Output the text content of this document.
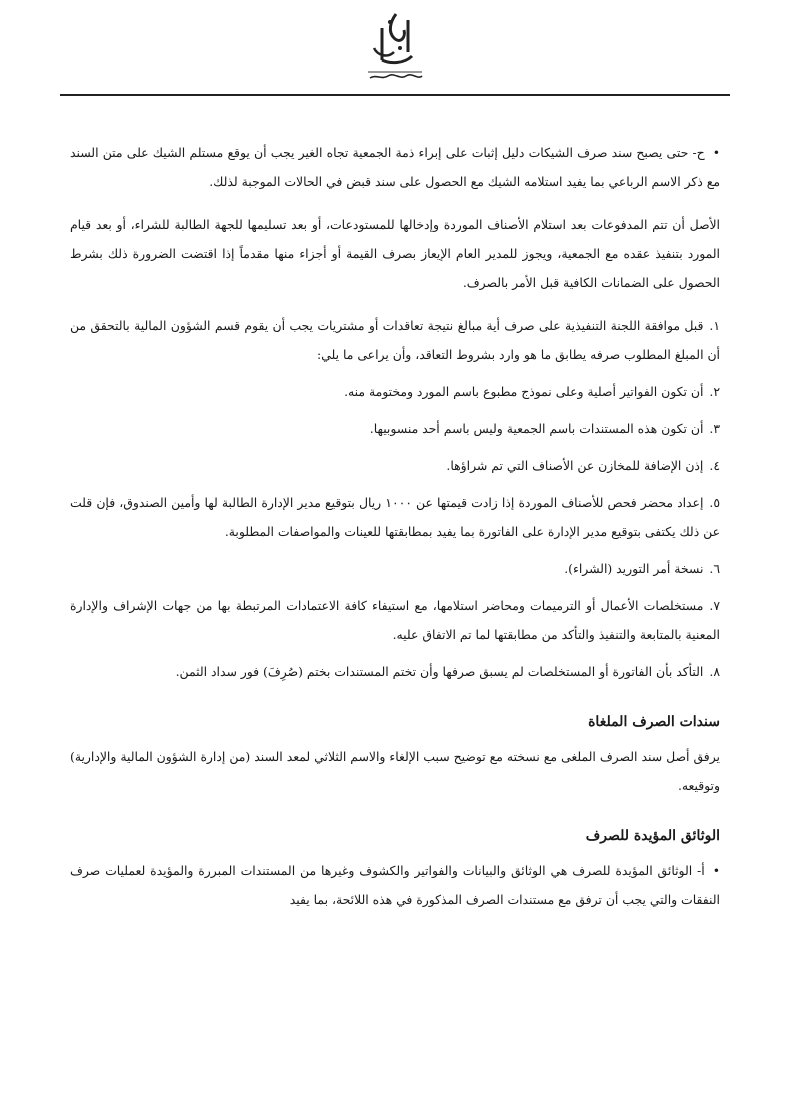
•ح- حتى يصبح سند صرف الشيكات دليل إثبات على إبراء ذمة الجمعية تجاه الغير يجب أن يوقع مستلم الشيك على متن السند مع ذكر الاسم الرباعي بما يفيد استلامه الشيك مع الحصول على سند قبض في الحالات الموجبة لذلك.

الأصل أن تتم المدفوعات بعد استلام الأصناف الموردة وإدخالها للمستودعات، أو بعد تسليمها للجهة الطالبة للشراء، أو بعد قيام المورد بتنفيذ عقده مع الجمعية، ويجوز للمدير العام الإيعاز بصرف القيمة أو أجزاء منها مقدماً إذا اقتضت الضرورة ذلك بشرط الحصول على الضمانات الكافية قبل الأمر بالصرف.

١.قبل موافقة اللجنة التنفيذية على صرف أية مبالغ نتيجة تعاقدات أو مشتريات يجب أن يقوم قسم الشؤون المالية بالتحقق من أن المبلغ المطلوب صرفه يطابق ما هو وارد بشروط التعاقد، وأن يراعى ما يلي:
٢.أن تكون الفواتير أصلية وعلى نموذج مطبوع باسم المورد ومختومة منه.
٣.أن تكون هذه المستندات باسم الجمعية وليس باسم أحد منسوبيها.
٤.إذن الإضافة للمخازن عن الأصناف التي تم شراؤها.
٥.إعداد محضر فحص للأصناف الموردة إذا زادت قيمتها عن ١٠٠٠ ريال بتوقيع مدير الإدارة الطالبة لها وأمين الصندوق، فإن قلت عن ذلك يكتفى بتوقيع مدير الإدارة على الفاتورة بما يفيد بمطابقتها للعينات والمواصفات المطلوبة.
٦.نسخة أمر التوريد (الشراء).
٧.مستخلصات الأعمال أو الترميمات ومحاضر استلامها، مع استيفاء كافة الاعتمادات المرتبطة بها من جهات الإشراف والإدارة المعنية بالمتابعة والتنفيذ والتأكد من مطابقتها لما تم الاتفاق عليه.
٨.التأكد بأن الفاتورة أو المستخلصات لم يسبق صرفها وأن تختم المستندات بختم (صُرِفَ) فور سداد الثمن.
سندات الصرف الملغاة

يرفق أصل سند الصرف الملغى مع نسخته مع توضيح سبب الإلغاء والاسم الثلاثي لمعد السند (من إدارة الشؤون المالية والإدارية) وتوقيعه.

الوثائق المؤيدة للصرف

•أ- الوثائق المؤيدة للصرف هي الوثائق والبيانات والفواتير والكشوف وغيرها من المستندات المبررة والمؤيدة لعمليات صرف النفقات والتي يجب أن ترفق مع مستندات الصرف المذكورة في هذه اللائحة، بما يفيد
